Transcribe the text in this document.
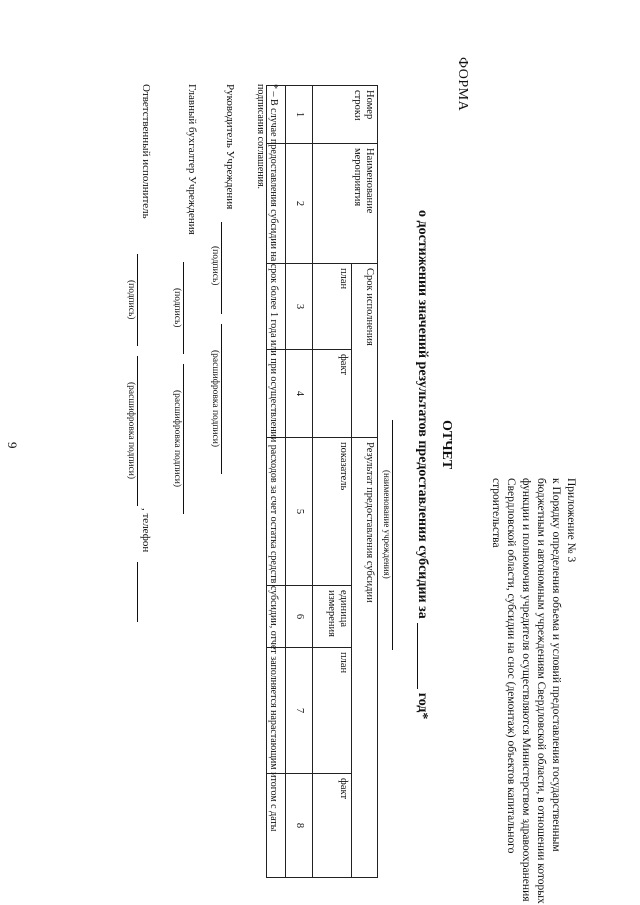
9
Приложение № 3
к Порядку определения объема и условий предоставления государственным
бюджетным и автономным учреждениям Свердловской области, в отношении которых
функции и полномочия учредителя осуществляются Министерством здравоохранения
Свердловской области, субсидии на снос (демонтаж) объектов капитального
строительства
ФОРМА
ОТЧЕТ
о достижении значений результатов предоставления субсидии загод*
(наименование учреждения)
Номер строки	Наименование мероприятия	Срок исполнения		Результат предоставления субсидии			
		план	факт	показатель	единица измерения	план	факт
1	2	3	4	5	6	7	8

* – В случае предоставления субсидии на срок более 1 года или при осуществлении расходов за счет остатка средств субсидии, отчет заполняется нарастающим итогом с даты подписания соглашения.
Руководитель Учреждения
(подпись)
(расшифровка подписи)
Главный бухгалтер Учреждения
(подпись)
(расшифровка подписи)
Ответственный исполнитель
(подпись)
(расшифровка подписи)
, телефон
